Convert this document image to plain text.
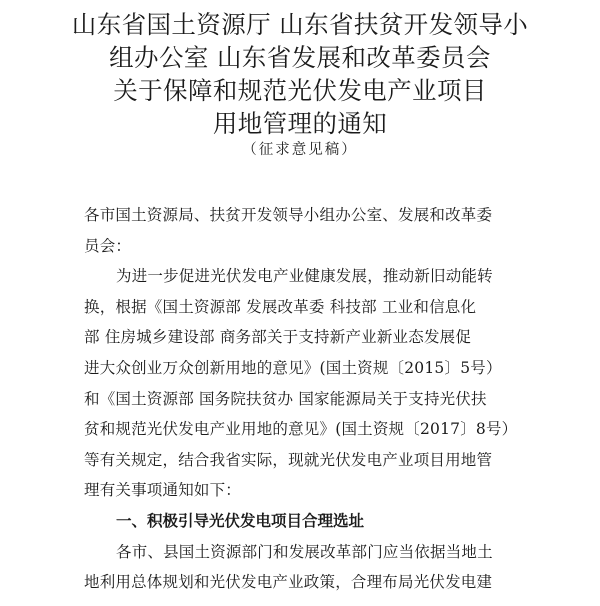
山东省国土资源厅 山东省扶贫开发领导小
组办公室 山东省发展和改革委员会
关于保障和规范光伏发电产业项目
用地管理的通知
（征求意见稿）
各市国土资源局、扶贫开发领导小组办公室、发展和改革委
员会：
为进一步促进光伏发电产业健康发展，推动新旧动能转
换，根据《国土资源部 发展改革委 科技部 工业和信息化
部 住房城乡建设部 商务部关于支持新产业新业态发展促
进大众创业万众创新用地的意见》(国土资规〔2015〕5号）
和《国土资源部 国务院扶贫办 国家能源局关于支持光伏扶
贫和规范光伏发电产业用地的意见》(国土资规〔2017〕8号）
等有关规定，结合我省实际，现就光伏发电产业项目用地管
理有关事项通知如下：
一、积极引导光伏发电项目合理选址
各市、县国土资源部门和发展改革部门应当依据当地土
地利用总体规划和光伏发电产业政策，合理布局光伏发电建
